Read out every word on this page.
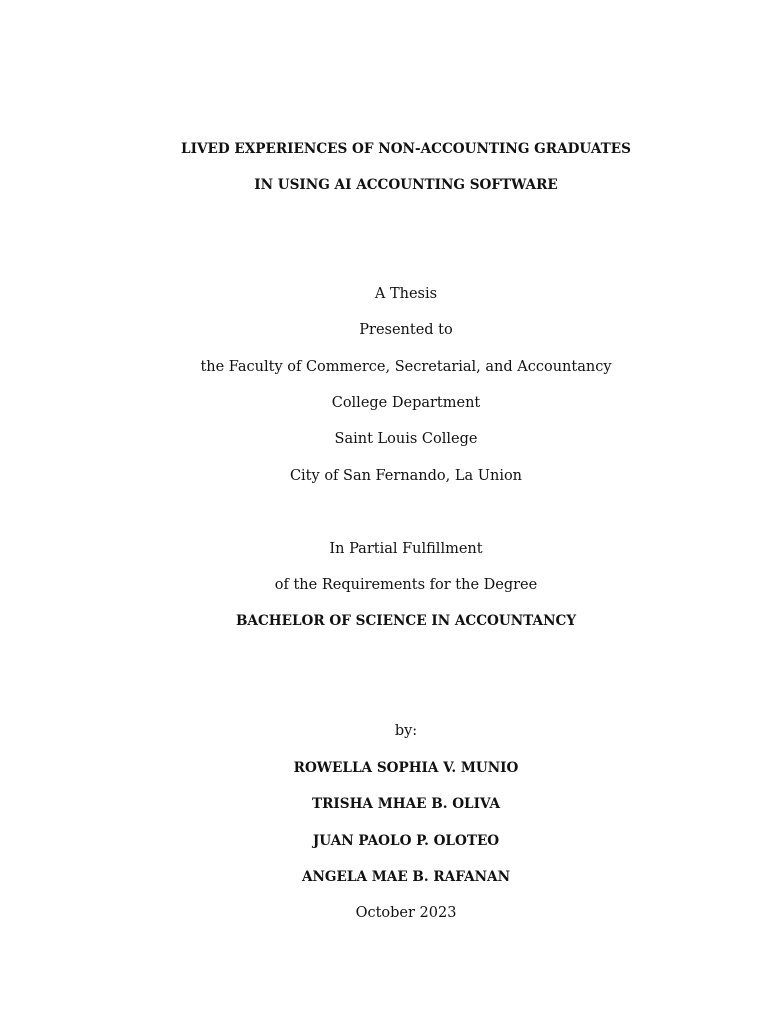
LIVED EXPERIENCES OF NON-ACCOUNTING GRADUATES
IN USING AI ACCOUNTING SOFTWARE
A Thesis
Presented to
the Faculty of Commerce, Secretarial, and Accountancy
College Department
Saint Louis College
City of San Fernando, La Union
In Partial Fulfillment
of the Requirements for the Degree
BACHELOR OF SCIENCE IN ACCOUNTANCY
by:
ROWELLA SOPHIA V. MUNIO
TRISHA MHAE B. OLIVA
JUAN PAOLO P. OLOTEO
ANGELA MAE B. RAFANAN
October 2023
